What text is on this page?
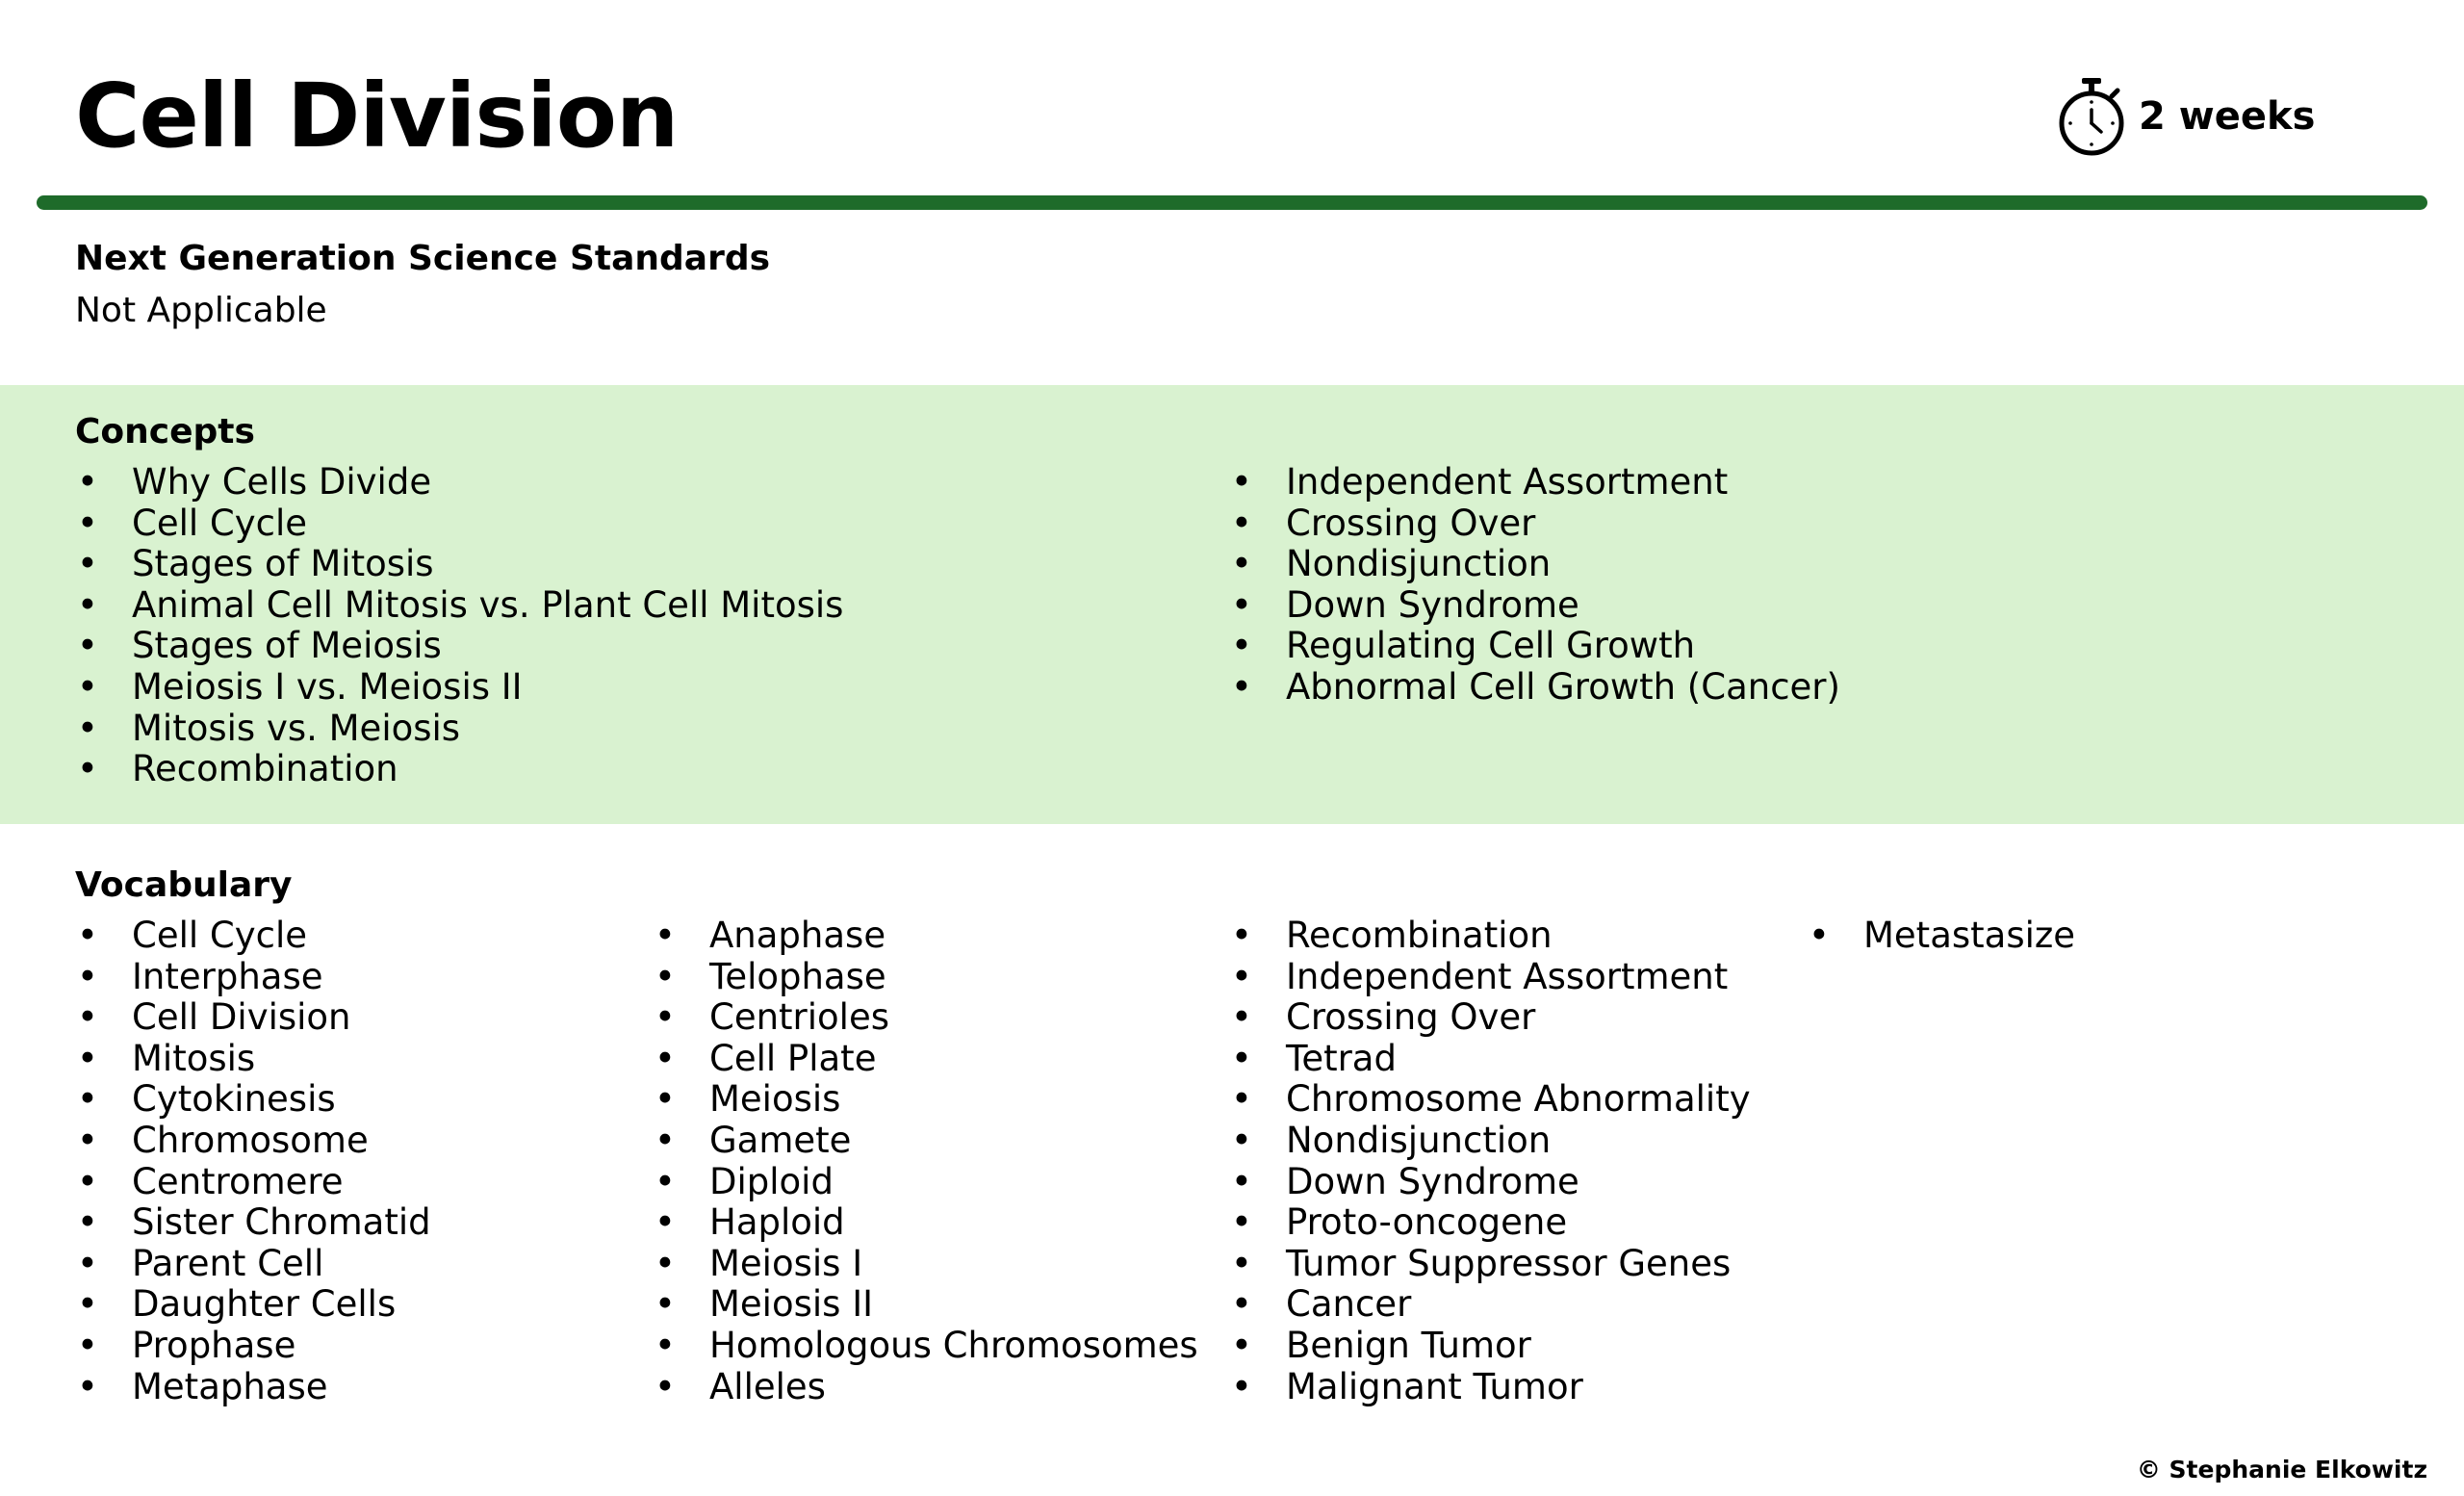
Cell Division	2 weeks
Next Generation Science Standards

Not Applicable

Concepts
• Why Cells Divide
• Cell Cycle
• Stages of Mitosis
• Animal Cell Mitosis vs. Plant Cell Mitosis
• Stages of Meiosis
• Meiosis I vs. Meiosis II
• Mitosis vs. Meiosis
• Recombination
• Independent Assortment
• Crossing Over
• Nondisjunction
• Down Syndrome
• Regulating Cell Growth
• Abnormal Cell Growth (Cancer)
Vocabulary
• Cell Cycle
• Interphase
• Cell Division
• Mitosis
• Cytokinesis
• Chromosome
• Centromere
• Sister Chromatid
• Parent Cell
• Daughter Cells
• Prophase
• Metaphase
• Anaphase
• Telophase
• Centrioles
• Cell Plate
• Meiosis
• Gamete
• Diploid
• Haploid
• Meiosis I
• Meiosis II
• Homologous Chromosomes
• Alleles
• Recombination
• Independent Assortment
• Crossing Over
• Tetrad
• Chromosome Abnormality
• Nondisjunction
• Down Syndrome
• Proto-oncogene
• Tumor Suppressor Genes
• Cancer
• Benign Tumor
• Malignant Tumor
• Metastasize

© Stephanie Elkowitz
